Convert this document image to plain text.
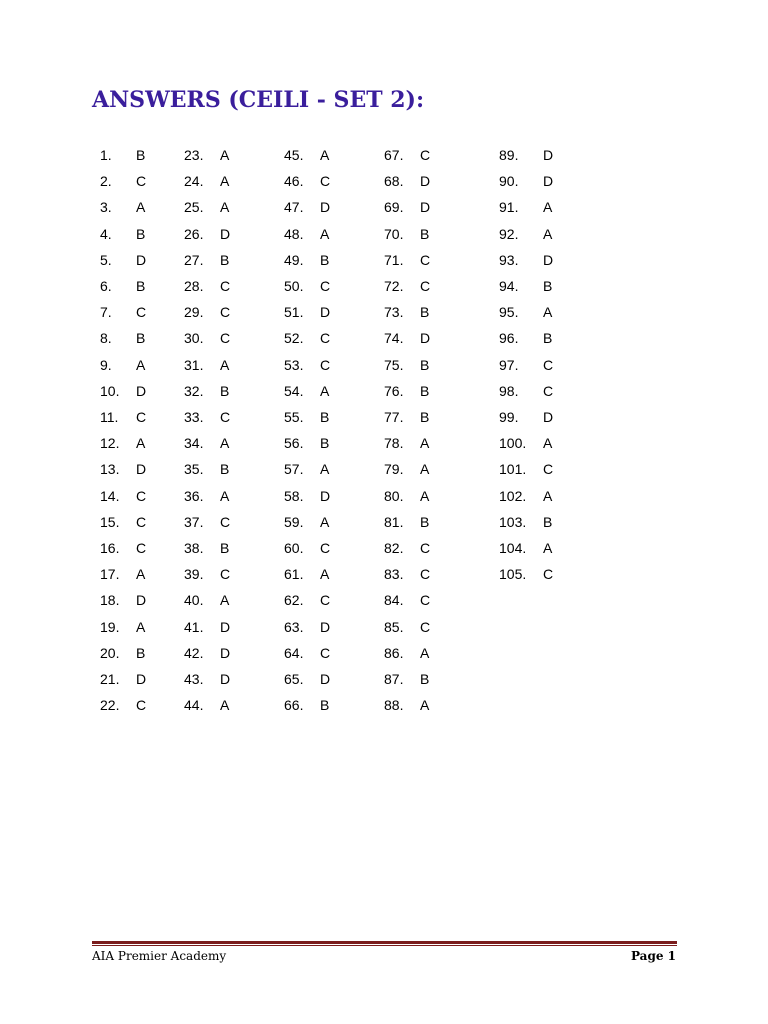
ANSWERS (CEILI - SET 2):
1. B
2. C
3. A
4. B
5. D
6. B
7. C
8. B
9. A
10. D
11. C
12. A
13. D
14. C
15. C
16. C
17. A
18. D
19. A
20. B
21. D
22. C
23. A
24. A
25. A
26. D
27. B
28. C
29. C
30. C
31. A
32. B
33. C
34. A
35. B
36. A
37. C
38. B
39. C
40. A
41. D
42. D
43. D
44. A
45. A
46. C
47. D
48. A
49. B
50. C
51. D
52. C
53. C
54. A
55. B
56. B
57. A
58. D
59. A
60. C
61. A
62. C
63. D
64. C
65. D
66. B
67. C
68. D
69. D
70. B
71. C
72. C
73. B
74. D
75. B
76. B
77. B
78. A
79. A
80. A
81. B
82. C
83. C
84. C
85. C
86. A
87. B
88. A
89. D
90. D
91. A
92. A
93. D
94. B
95. A
96. B
97. C
98. C
99. D
100. A
101. C
102. A
103. B
104. A
105. C
AIA Premier Academy	Page 1
